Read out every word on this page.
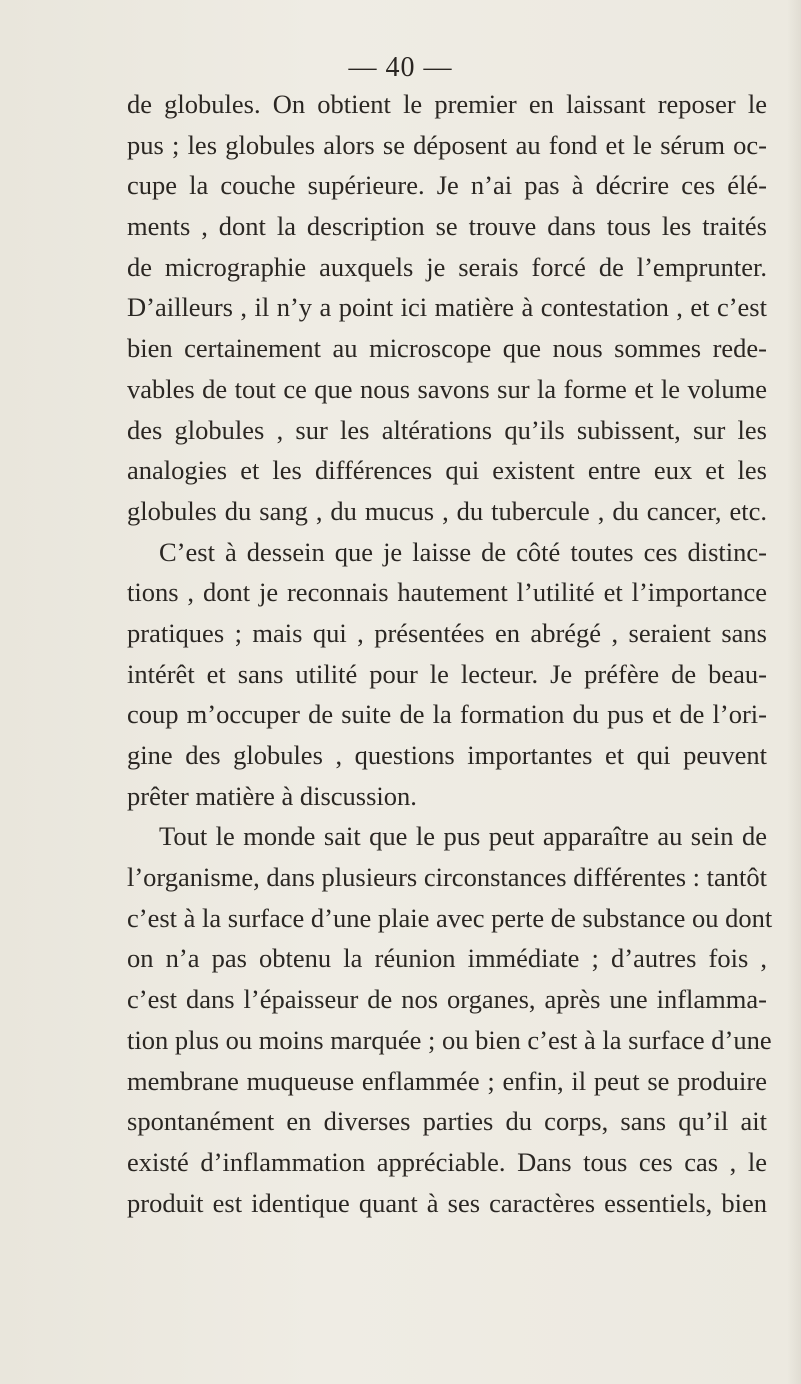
— 40 —
de globules. On obtient le premier en laissant reposer le
pus ; les globules alors se déposent au fond et le sérum oc-
cupe la couche supérieure. Je n’ai pas à décrire ces élé-
ments , dont la description se trouve dans tous les traités
de micrographie auxquels je serais forcé de l’emprunter.
D’ailleurs , il n’y a point ici matière à contestation , et c’est
bien certainement au microscope que nous sommes rede-
vables de tout ce que nous savons sur la forme et le volume
des globules , sur les altérations qu’ils subissent, sur les
analogies et les différences qui existent entre eux et les
globules du sang , du mucus , du tubercule , du cancer, etc.
C’est à dessein que je laisse de côté toutes ces distinc-
tions , dont je reconnais hautement l’utilité et l’importance
pratiques ; mais qui , présentées en abrégé , seraient sans
intérêt et sans utilité pour le lecteur. Je préfère de beau-
coup m’occuper de suite de la formation du pus et de l’ori-
gine des globules , questions importantes et qui peuvent
prêter matière à discussion.
Tout le monde sait que le pus peut apparaître au sein de
l’organisme, dans plusieurs circonstances différentes : tantôt
c’est à la surface d’une plaie avec perte de substance ou dont
on n’a pas obtenu la réunion immédiate ; d’autres fois ,
c’est dans l’épaisseur de nos organes, après une inflamma-
tion plus ou moins marquée ; ou bien c’est à la surface d’une
membrane muqueuse enflammée ; enfin, il peut se produire
spontanément en diverses parties du corps, sans qu’il ait
existé d’inflammation appréciable. Dans tous ces cas , le
produit est identique quant à ses caractères essentiels, bien
